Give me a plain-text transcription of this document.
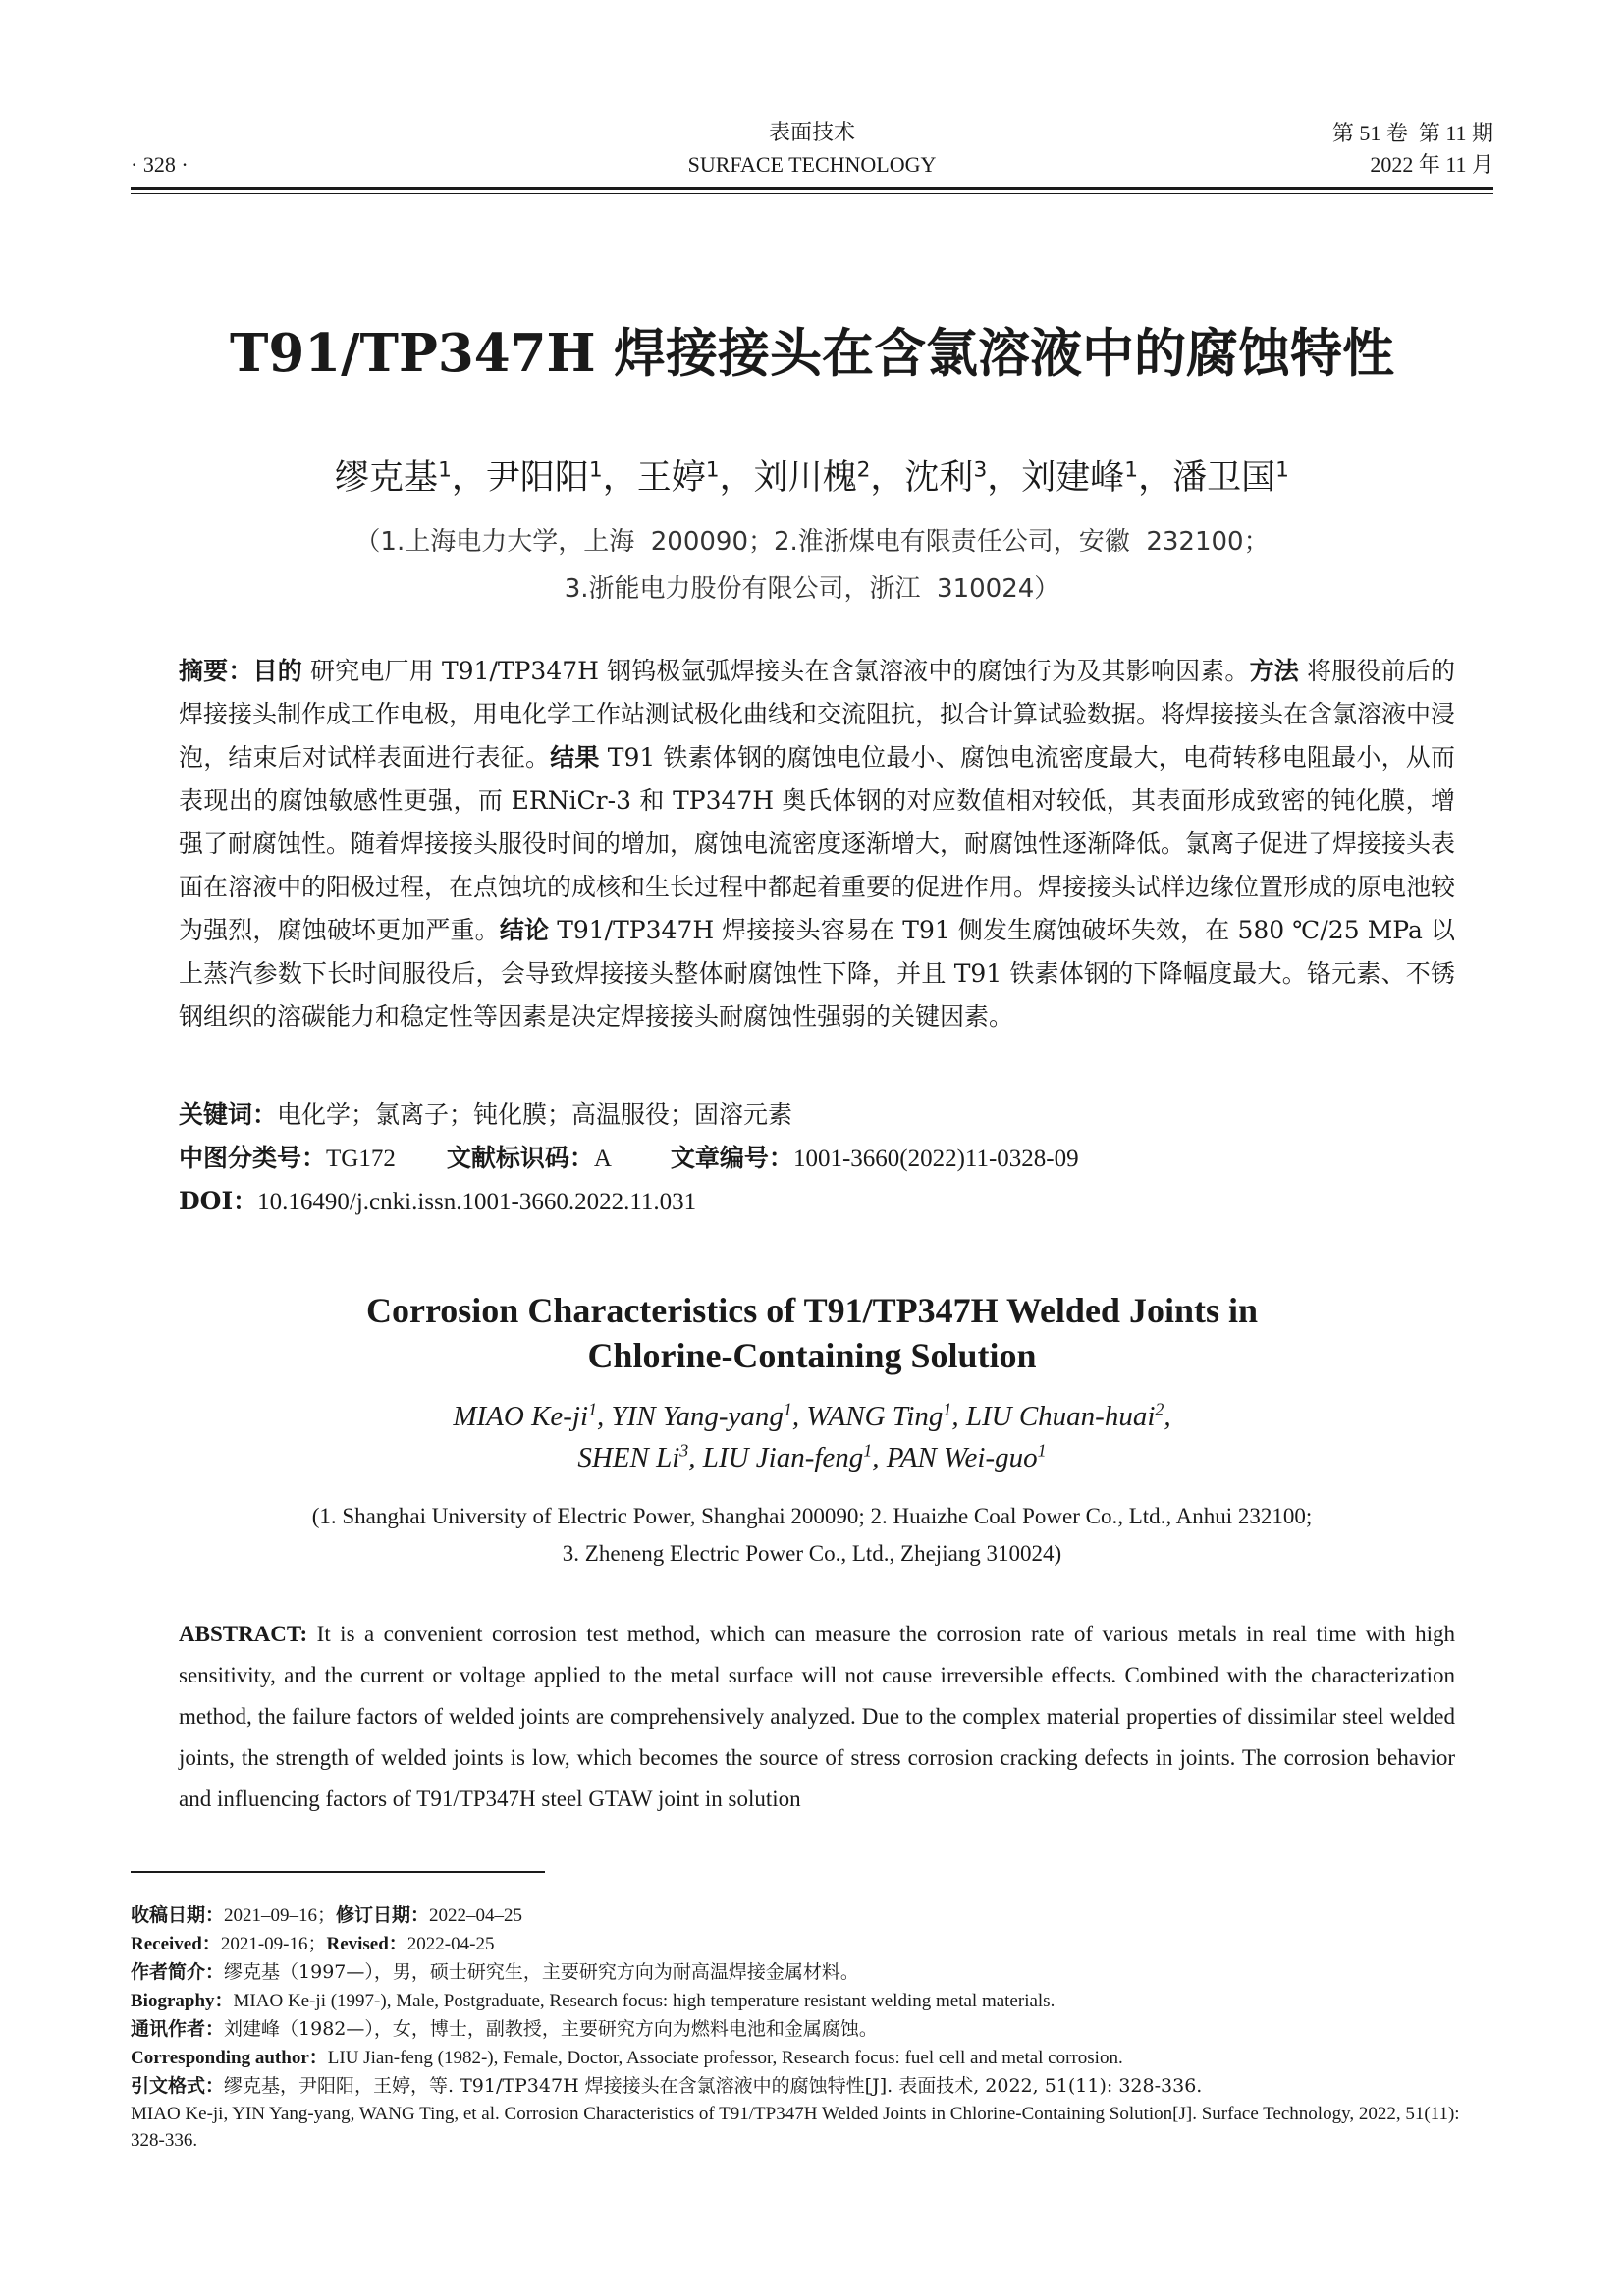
· 328 ·
表面技术
SURFACE TECHNOLOGY
第 51 卷  第 11 期
2022 年 11 月
T91/TP347H 焊接接头在含氯溶液中的腐蚀特性
缪克基$^1$，尹阳阳$^1$，王婷$^1$，刘川槐$^2$，沈利$^3$，刘建峰$^1$，潘卫国$^1$
（1.上海电力大学，上海  200090；2.淮浙煤电有限责任公司，安徽  232100；
3.浙能电力股份有限公司，浙江  310024）
摘要：目的 研究电厂用 T91/TP347H 钢钨极氩弧焊接头在含氯溶液中的腐蚀行为及其影响因素。方法 将服役前后的焊接接头制作成工作电极，用电化学工作站测试极化曲线和交流阻抗，拟合计算试验数据。将焊接接头在含氯溶液中浸泡，结束后对试样表面进行表征。结果 T91 铁素体钢的腐蚀电位最小、腐蚀电流密度最大，电荷转移电阻最小，从而表现出的腐蚀敏感性更强，而 ERNiCr-3 和 TP347H 奥氏体钢的对应数值相对较低，其表面形成致密的钝化膜，增强了耐腐蚀性。随着焊接接头服役时间的增加，腐蚀电流密度逐渐增大，耐腐蚀性逐渐降低。氯离子促进了焊接接头表面在溶液中的阳极过程，在点蚀坑的成核和生长过程中都起着重要的促进作用。焊接接头试样边缘位置形成的原电池较为强烈，腐蚀破坏更加严重。结论 T91/TP347H 焊接接头容易在 T91 侧发生腐蚀破坏失效，在 580 ℃/25 MPa 以上蒸汽参数下长时间服役后，会导致焊接接头整体耐腐蚀性下降，并且 T91 铁素体钢的下降幅度最大。铬元素、不锈钢组织的溶碳能力和稳定性等因素是决定焊接接头耐腐蚀性强弱的关键因素。
关键词：电化学；氯离子；钝化膜；高温服役；固溶元素
中图分类号：TG172 文献标识码：A 文章编号：1001-3660(2022)11-0328-09
DOI：10.16490/j.cnki.issn.1001-3660.2022.11.031
Corrosion Characteristics of T91/TP347H Welded Joints in
Chlorine-Containing Solution
MIAO $Ke-ji^1$, YIN Yang-yang$^1$, WANG Ting$^1$, LIU Chuan-huai$^2$,
SHEN Li$^3$, LIU Jian-feng$^1$, PAN Wei-guo$^1$
(1. Shanghai University of Electric Power, Shanghai 200090; 2. Huaizhe Coal Power Co., Ltd., Anhui 232100;
3. Zheneng Electric Power Co., Ltd., Zhejiang 310024)
ABSTRACT: It is a convenient corrosion test method, which can measure the corrosion rate of various metals in real time with high sensitivity, and the current or voltage applied to the metal surface will not cause irreversible effects. Combined with the characterization method, the failure factors of welded joints are comprehensively analyzed. Due to the complex material properties of dissimilar steel welded joints, the strength of welded joints is low, which becomes the source of stress corrosion cracking defects in joints. The corrosion behavior and influencing factors of T91/TP347H steel GTAW joint in solution
收稿日期：2021–09–16；修订日期：2022–04–25
Received：2021-09-16；Revised：2022-04-25
作者简介：缪克基（1997—），男，硕士研究生，主要研究方向为耐高温焊接金属材料。
Biography：MIAO Ke-ji (1997-), Male, Postgraduate, Research focus: high temperature resistant welding metal materials.
通讯作者：刘建峰（1982—），女，博士，副教授，主要研究方向为燃料电池和金属腐蚀。
Corresponding author：LIU Jian-feng (1982-), Female, Doctor, Associate professor, Research focus: fuel cell and metal corrosion.
引文格式：缪克基，尹阳阳，王婷，等. T91/TP347H 焊接接头在含氯溶液中的腐蚀特性[J]. 表面技术, 2022, 51(11): 328-336.
MIAO Ke-ji, YIN Yang-yang, WANG Ting, et al. Corrosion Characteristics of T91/TP347H Welded Joints in Chlorine-Containing Solution[J]. Surface Technology, 2022, 51(11): 328-336.
